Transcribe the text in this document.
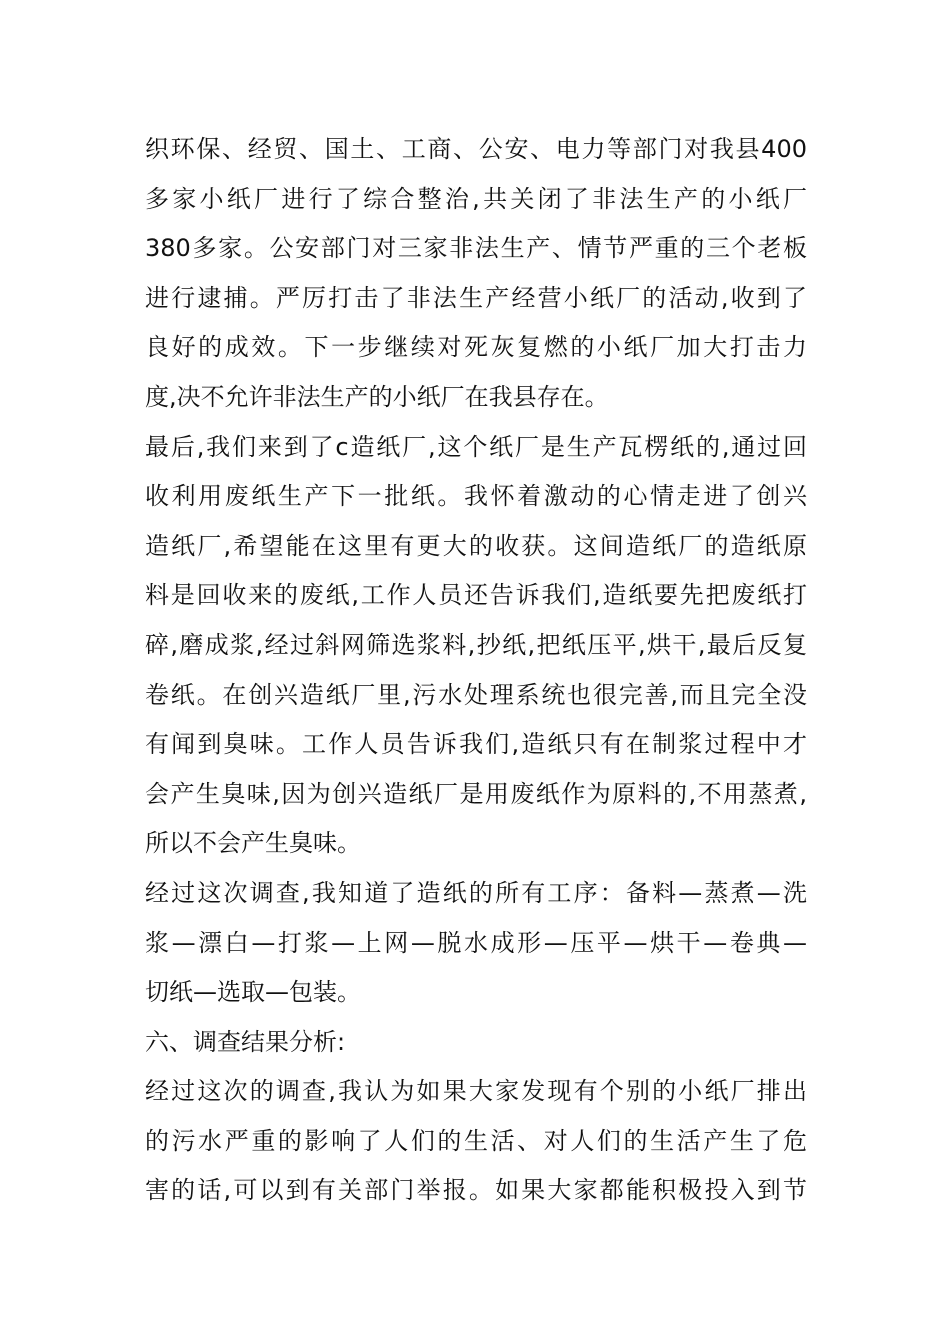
织环保、经贸、国土、工商、公安、电力等部门对我县400
多家小纸厂进行了综合整治,共关闭了非法生产的小纸厂
380多家。公安部门对三家非法生产、情节严重的三个老板
进行逮捕。严厉打击了非法生产经营小纸厂的活动,收到了
良好的成效。下一步继续对死灰复燃的小纸厂加大打击力
度,决不允许非法生产的小纸厂在我县存在。
最后,我们来到了c造纸厂,这个纸厂是生产瓦楞纸的,通过回
收利用废纸生产下一批纸。我怀着激动的心情走进了创兴
造纸厂,希望能在这里有更大的收获。这间造纸厂的造纸原
料是回收来的废纸,工作人员还告诉我们,造纸要先把废纸打
碎,磨成浆,经过斜网筛选浆料,抄纸,把纸压平,烘干,最后反复
卷纸。在创兴造纸厂里,污水处理系统也很完善,而且完全没
有闻到臭味。工作人员告诉我们,造纸只有在制浆过程中才
会产生臭味,因为创兴造纸厂是用废纸作为原料的,不用蒸煮,
所以不会产生臭味。
经过这次调查,我知道了造纸的所有工序：备料—蒸煮—洗
浆—漂白—打浆—上网—脱水成形—压平—烘干—卷典—
切纸—选取—包装。
六、调查结果分析:
经过这次的调查,我认为如果大家发现有个别的小纸厂排出
的污水严重的影响了人们的生活、对人们的生活产生了危
害的话,可以到有关部门举报。如果大家都能积极投入到节
